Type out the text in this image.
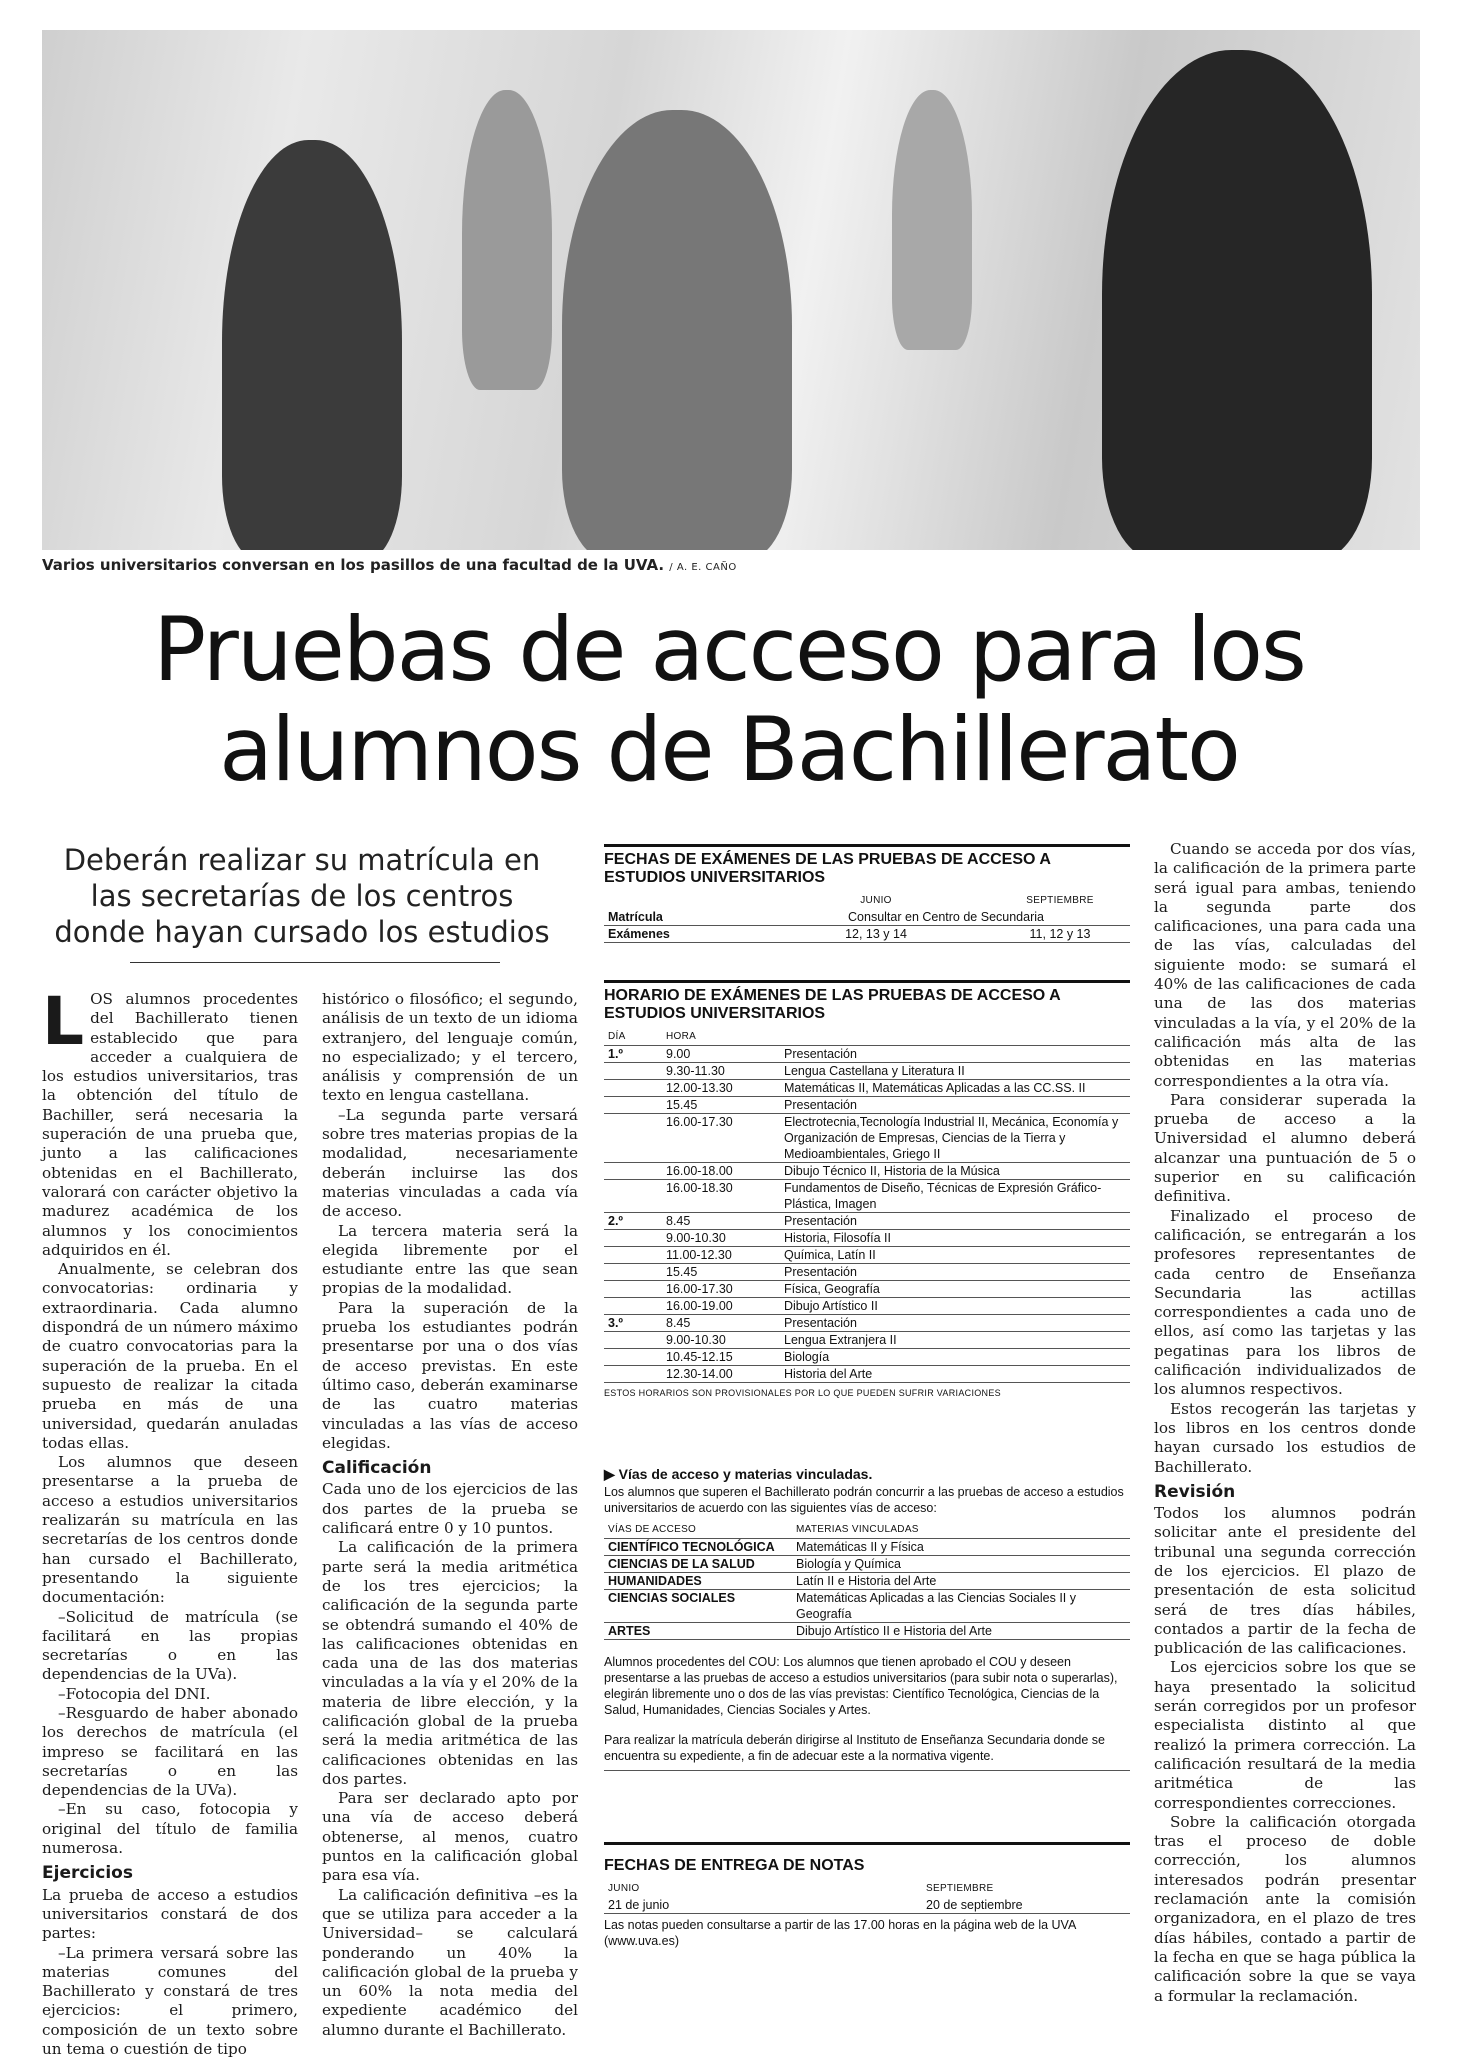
Varios universitarios conversan en los pasillos de una facultad de la UVA. / A. E. CAÑO
Pruebas de acceso para los
alumnos de Bachillerato
Deberán realizar su matrícula en las secretarías de los centros donde hayan cursado los estudios

LOS alumnos procedentes del Bachillerato tienen establecido que para acceder a cualquiera de los estudios universitarios, tras la obtención del título de Bachiller, será necesaria la superación de una prueba que, junto a las calificaciones obtenidas en el Bachillerato, valorará con carácter objetivo la madurez académica de los alumnos y los conocimientos adquiridos en él.

Anualmente, se celebran dos convocatorias: ordinaria y extraordinaria. Cada alumno dispondrá de un número máximo de cuatro convocatorias para la superación de la prueba. En el supuesto de realizar la citada prueba en más de una universidad, quedarán anuladas todas ellas.

Los alumnos que deseen presentarse a la prueba de acceso a estudios universitarios realizarán su matrícula en las secretarías de los centros donde han cursado el Bachillerato, presentando la siguiente documentación:

–Solicitud de matrícula (se facilitará en las propias secretarías o en las dependencias de la UVa).

–Fotocopia del DNI.

–Resguardo de haber abonado los derechos de matrícula (el impreso se facilitará en las secretarías o en las dependencias de la UVa).

–En su caso, fotocopia y original del título de familia numerosa.

Ejercicios

La prueba de acceso a estudios universitarios constará de dos partes:

–La primera versará sobre las materias comunes del Bachillerato y constará de tres ejercicios: el primero, composición de un texto sobre un tema o cuestión de tipo

histórico o filosófico; el segundo, análisis de un texto de un idioma extranjero, del lenguaje común, no especializado; y el tercero, análisis y comprensión de un texto en lengua castellana.

–La segunda parte versará sobre tres materias propias de la modalidad, necesariamente deberán incluirse las dos materias vinculadas a cada vía de acceso.

La tercera materia será la elegida libremente por el estudiante entre las que sean propias de la modalidad.

Para la superación de la prueba los estudiantes podrán presentarse por una o dos vías de acceso previstas. En este último caso, deberán examinarse de las cuatro materias vinculadas a las vías de acceso elegidas.

Calificación

Cada uno de los ejercicios de las dos partes de la prueba se calificará entre 0 y 10 puntos.

La calificación de la primera parte será la media aritmética de los tres ejercicios; la calificación de la segunda parte se obtendrá sumando el 40% de las calificaciones obtenidas en cada una de las dos materias vinculadas a la vía y el 20% de la materia de libre elección, y la calificación global de la prueba será la media aritmética de las calificaciones obtenidas en las dos partes.

Para ser declarado apto por una vía de acceso deberá obtenerse, al menos, cuatro puntos en la calificación global para esa vía.

La calificación definitiva –es la que se utiliza para acceder a la Universidad– se calculará ponderando un 40% la calificación global de la prueba y un 60% la nota media del expediente académico del alumno durante el Bachillerato.

FECHAS DE EXÁMENES DE LAS PRUEBAS DE ACCESO A ESTUDIOS UNIVERSITARIOS
	JUNIO	SEPTIEMBRE
Matrícula	Consultar en Centro de Secundaria	
Exámenes	12, 13 y 14	11, 12 y 13
HORARIO DE EXÁMENES DE LAS PRUEBAS DE ACCESO A ESTUDIOS UNIVERSITARIOS
DÍA	HORA	
1.º	9.00	Presentación
	9.30-11.30	Lengua Castellana y Literatura II
	12.00-13.30	Matemáticas II, Matemáticas Aplicadas a las CC.SS. II
	15.45	Presentación
	16.00-17.30	Electrotecnia,Tecnología Industrial II, Mecánica, Economía y Organización de Empresas, Ciencias de la Tierra y Medioambientales, Griego II
	16.00-18.00	Dibujo Técnico II, Historia de la Música
	16.00-18.30	Fundamentos de Diseño, Técnicas de Expresión Gráfico-Plástica, Imagen
2.º	8.45	Presentación
	9.00-10.30	Historia, Filosofía II
	11.00-12.30	Química, Latín II
	15.45	Presentación
	16.00-17.30	Física, Geografía
	16.00-19.00	Dibujo Artístico II
3.º	8.45	Presentación
	9.00-10.30	Lengua Extranjera II
	10.45-12.15	Biología
	12.30-14.00	Historia del Arte
ESTOS HORARIOS SON PROVISIONALES POR LO QUE PUEDEN SUFRIR VARIACIONES
▶ Vías de acceso y materias vinculadas.
Los alumnos que superen el Bachillerato podrán concurrir a las pruebas de acceso a estudios universitarios de acuerdo con las siguientes vías de acceso:
VÍAS DE ACCESO	MATERIAS VINCULADAS
CIENTÍFICO TECNOLÓGICA	Matemáticas II y Física
CIENCIAS DE LA SALUD	Biología y Química
HUMANIDADES	Latín II e Historia del Arte
CIENCIAS SOCIALES	Matemáticas Aplicadas a las Ciencias Sociales II y Geografía
ARTES	Dibujo Artístico II e Historia del Arte
Alumnos procedentes del COU: Los alumnos que tienen aprobado el COU y deseen presentarse a las pruebas de acceso a estudios universitarios (para subir nota o superarlas), elegirán libremente uno o dos de las vías previstas: Científico Tecnológica, Ciencias de la Salud, Humanidades, Ciencias Sociales y Artes.
Para realizar la matrícula deberán dirigirse al Instituto de Enseñanza Secundaria donde se encuentra su expediente, a fin de adecuar este a la normativa vigente.
FECHAS DE ENTREGA DE NOTAS
JUNIO	SEPTIEMBRE
21 de junio	20 de septiembre
Las notas pueden consultarse a partir de las 17.00 horas en la página web de la UVA (www.uva.es)

Cuando se acceda por dos vías, la calificación de la primera parte será igual para ambas, teniendo la segunda parte dos calificaciones, una para cada una de las vías, calculadas del siguiente modo: se sumará el 40% de las calificaciones de cada una de las dos materias vinculadas a la vía, y el 20% de la calificación más alta de las obtenidas en las materias correspondientes a la otra vía.

Para considerar superada la prueba de acceso a la Universidad el alumno deberá alcanzar una puntuación de 5 o superior en su calificación definitiva.

Finalizado el proceso de calificación, se entregarán a los profesores representantes de cada centro de Enseñanza Secundaria las actillas correspondientes a cada uno de ellos, así como las tarjetas y las pegatinas para los libros de calificación individualizados de los alumnos respectivos.

Estos recogerán las tarjetas y los libros en los centros donde hayan cursado los estudios de Bachillerato.

Revisión

Todos los alumnos podrán solicitar ante el presidente del tribunal una segunda corrección de los ejercicios. El plazo de presentación de esta solicitud será de tres días hábiles, contados a partir de la fecha de publicación de las calificaciones.

Los ejercicios sobre los que se haya presentado la solicitud serán corregidos por un profesor especialista distinto al que realizó la primera corrección. La calificación resultará de la media aritmética de las correspondientes correcciones.

Sobre la calificación otorgada tras el proceso de doble corrección, los alumnos interesados podrán presentar reclamación ante la comisión organizadora, en el plazo de tres días hábiles, contado a partir de la fecha en que se haga pública la calificación sobre la que se vaya a formular la reclamación.
